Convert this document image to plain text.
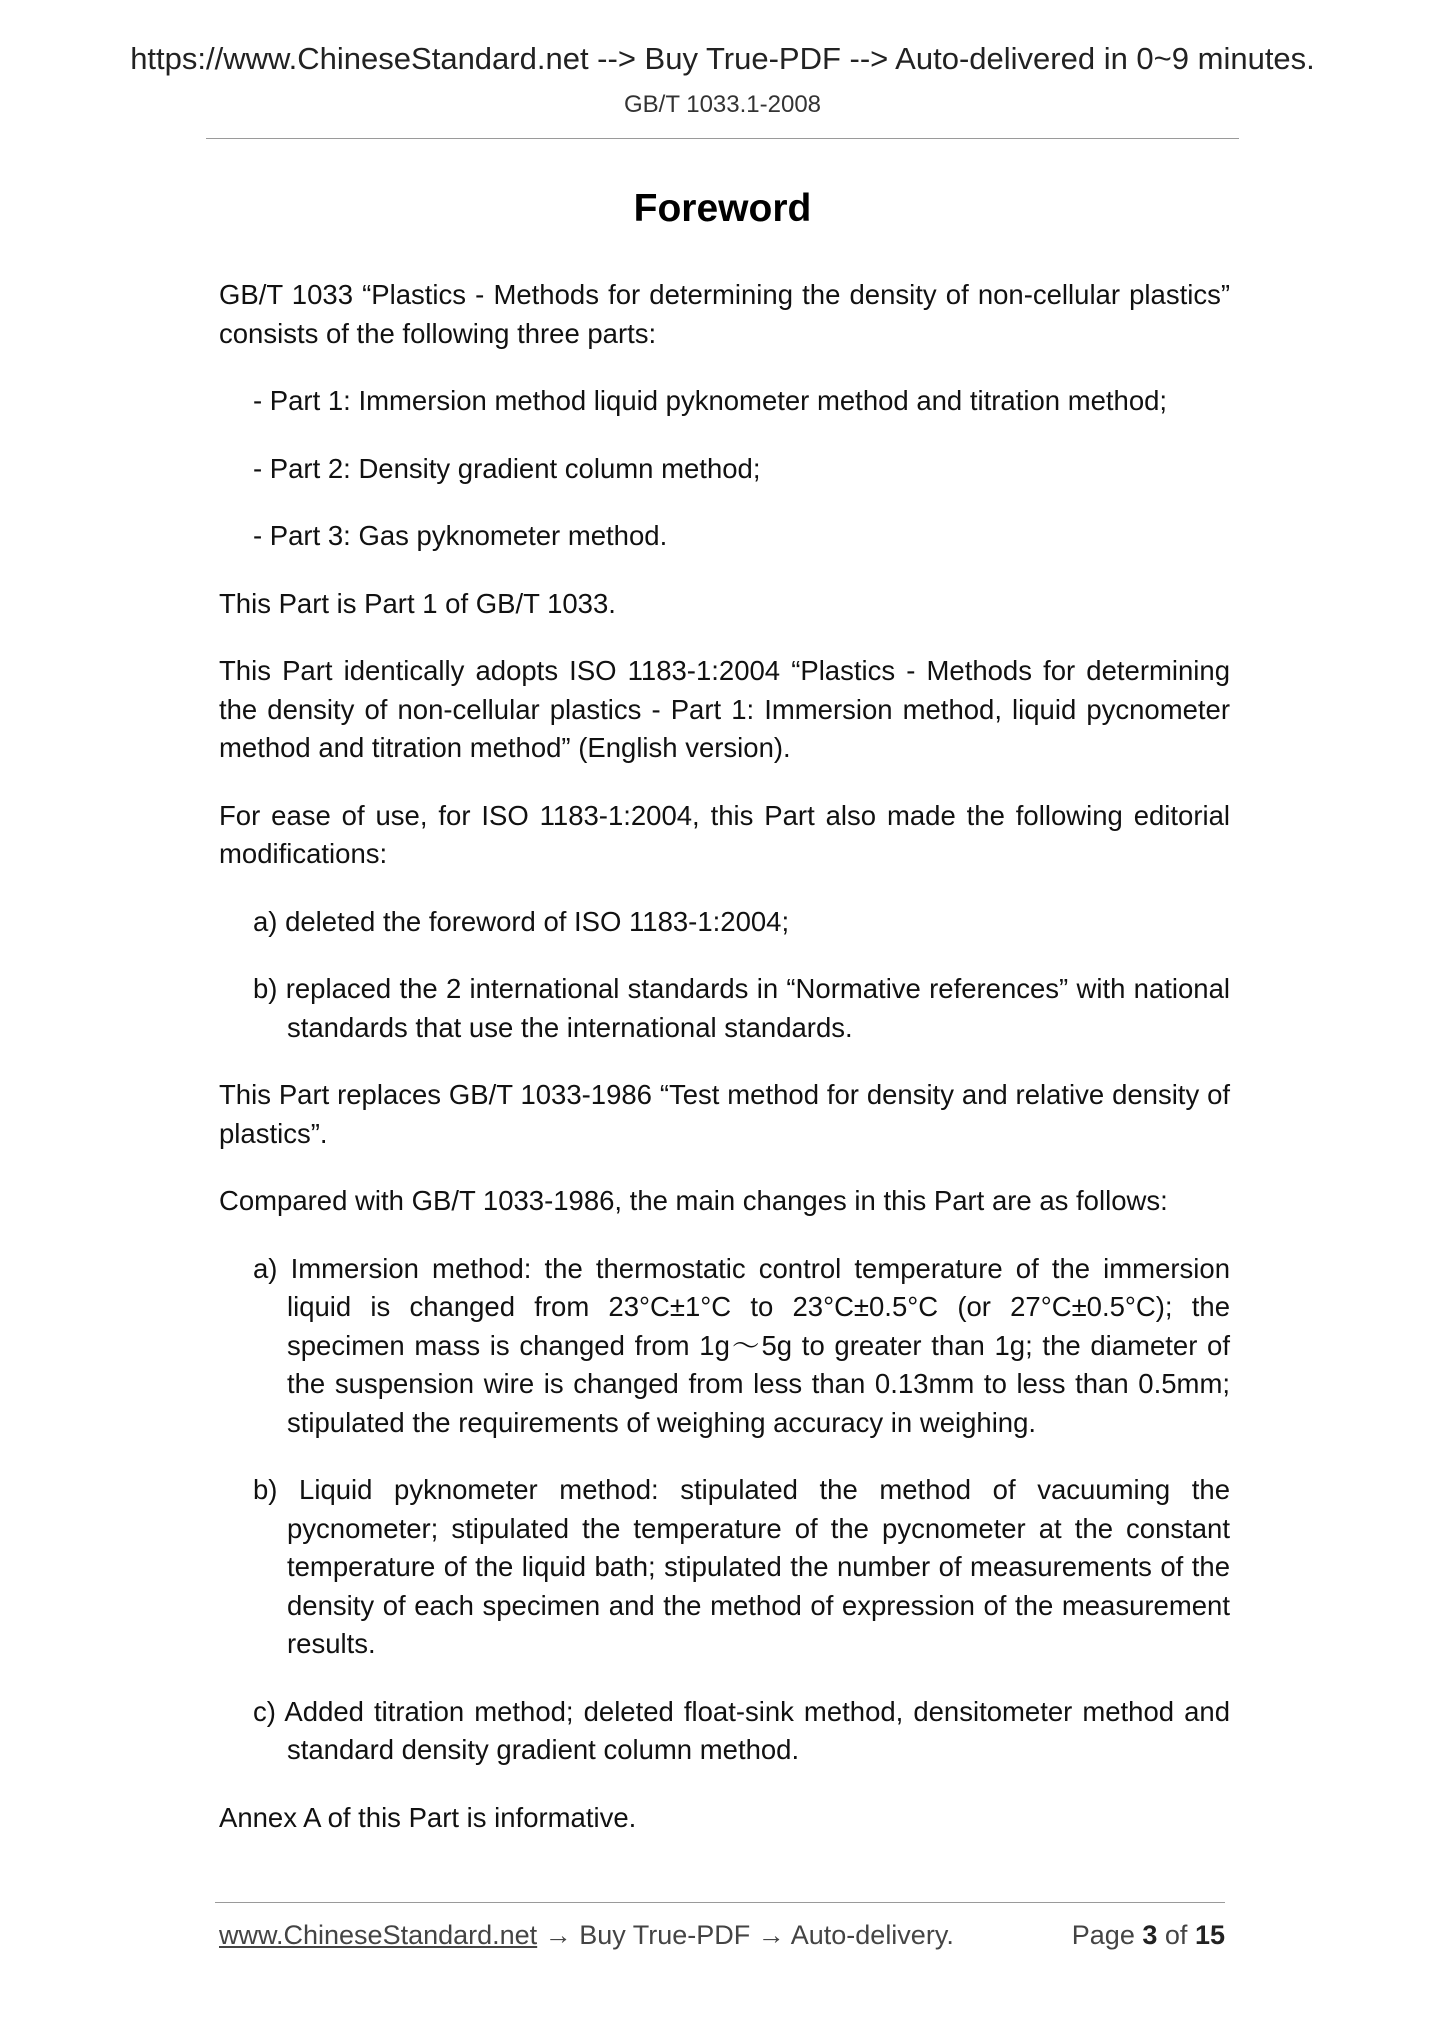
https://www.ChineseStandard.net --> Buy True-PDF --> Auto-delivered in 0~9 minutes.
GB/T 1033.1-2008
Foreword

GB/T 1033 “Plastics - Methods for determining the density of non-cellular plastics” consists of the following three parts:

- Part 1: Immersion method liquid pyknometer method and titration method;

- Part 2: Density gradient column method;

- Part 3: Gas pyknometer method.

This Part is Part 1 of GB/T 1033.

This Part identically adopts ISO 1183-1:2004 “Plastics - Methods for determining the density of non-cellular plastics - Part 1: Immersion method, liquid pycnometer method and titration method” (English version).

For ease of use, for ISO 1183-1:2004, this Part also made the following editorial modifications:

a) deleted the foreword of ISO 1183-1:2004;

b) replaced the 2 international standards in “Normative references” with national standards that use the international standards.

This Part replaces GB/T 1033-1986 “Test method for density and relative density of plastics”.

Compared with GB/T 1033-1986, the main changes in this Part are as follows:

a) Immersion method: the thermostatic control temperature of the immersion liquid is changed from 23°C±1°C to 23°C±0.5°C (or 27°C±0.5°C); the specimen mass is changed from 1g～5g to greater than 1g; the diameter of the suspension wire is changed from less than 0.13mm to less than 0.5mm; stipulated the requirements of weighing accuracy in weighing.

b) Liquid pyknometer method: stipulated the method of vacuuming the pycnometer; stipulated the temperature of the pycnometer at the constant temperature of the liquid bath; stipulated the number of measurements of the density of each specimen and the method of expression of the measurement results.

c) Added titration method; deleted float-sink method, densitometer method and standard density gradient column method.

Annex A of this Part is informative.

www.ChineseStandard.net → Buy True-PDF → Auto-delivery.	Page 3 of 15
